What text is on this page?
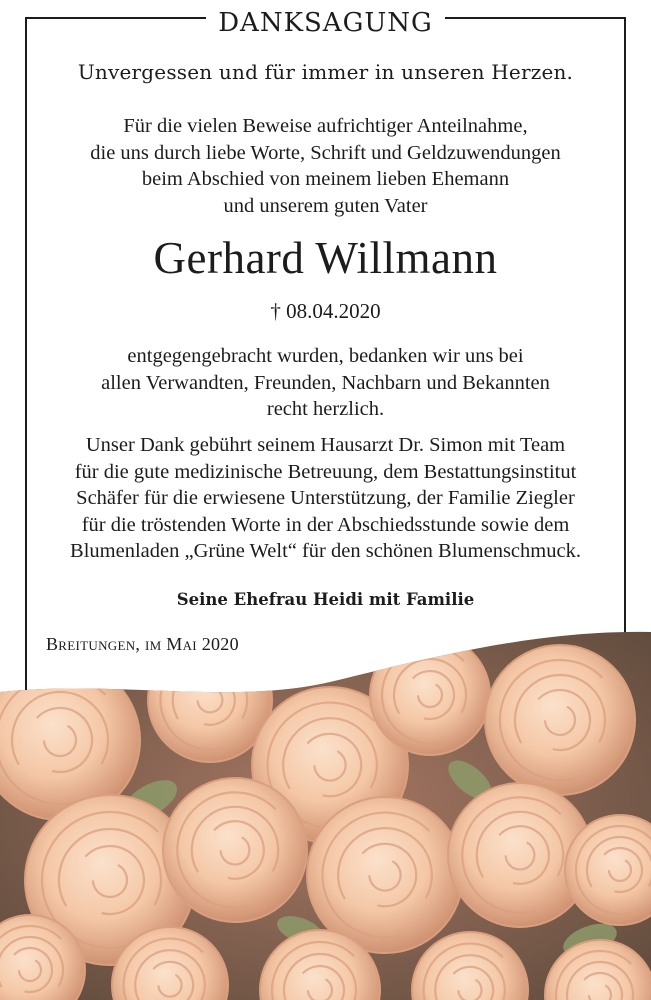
DANKSAGUNG
Unvergessen und für immer in unseren Herzen.
Für die vielen Beweise aufrichtiger Anteilnahme,
die uns durch liebe Worte, Schrift und Geldzuwendungen
beim Abschied von meinem lieben Ehemann
und unserem guten Vater
Gerhard Willmann
† 08.04.2020
entgegengebracht wurden, bedanken wir uns bei
allen Verwandten, Freunden, Nachbarn und Bekannten
recht herzlich.
Unser Dank gebührt seinem Hausarzt Dr. Simon mit Team
für die gute medizinische Betreuung, dem Bestattungsinstitut
Schäfer für die erwiesene Unterstützung, der Familie Ziegler
für die tröstenden Worte in der Abschiedsstunde sowie dem
Blumenladen „Grüne Welt“ für den schönen Blumenschmuck.
Seine Ehefrau Heidi mit Familie
Breitungen, im Mai 2020
